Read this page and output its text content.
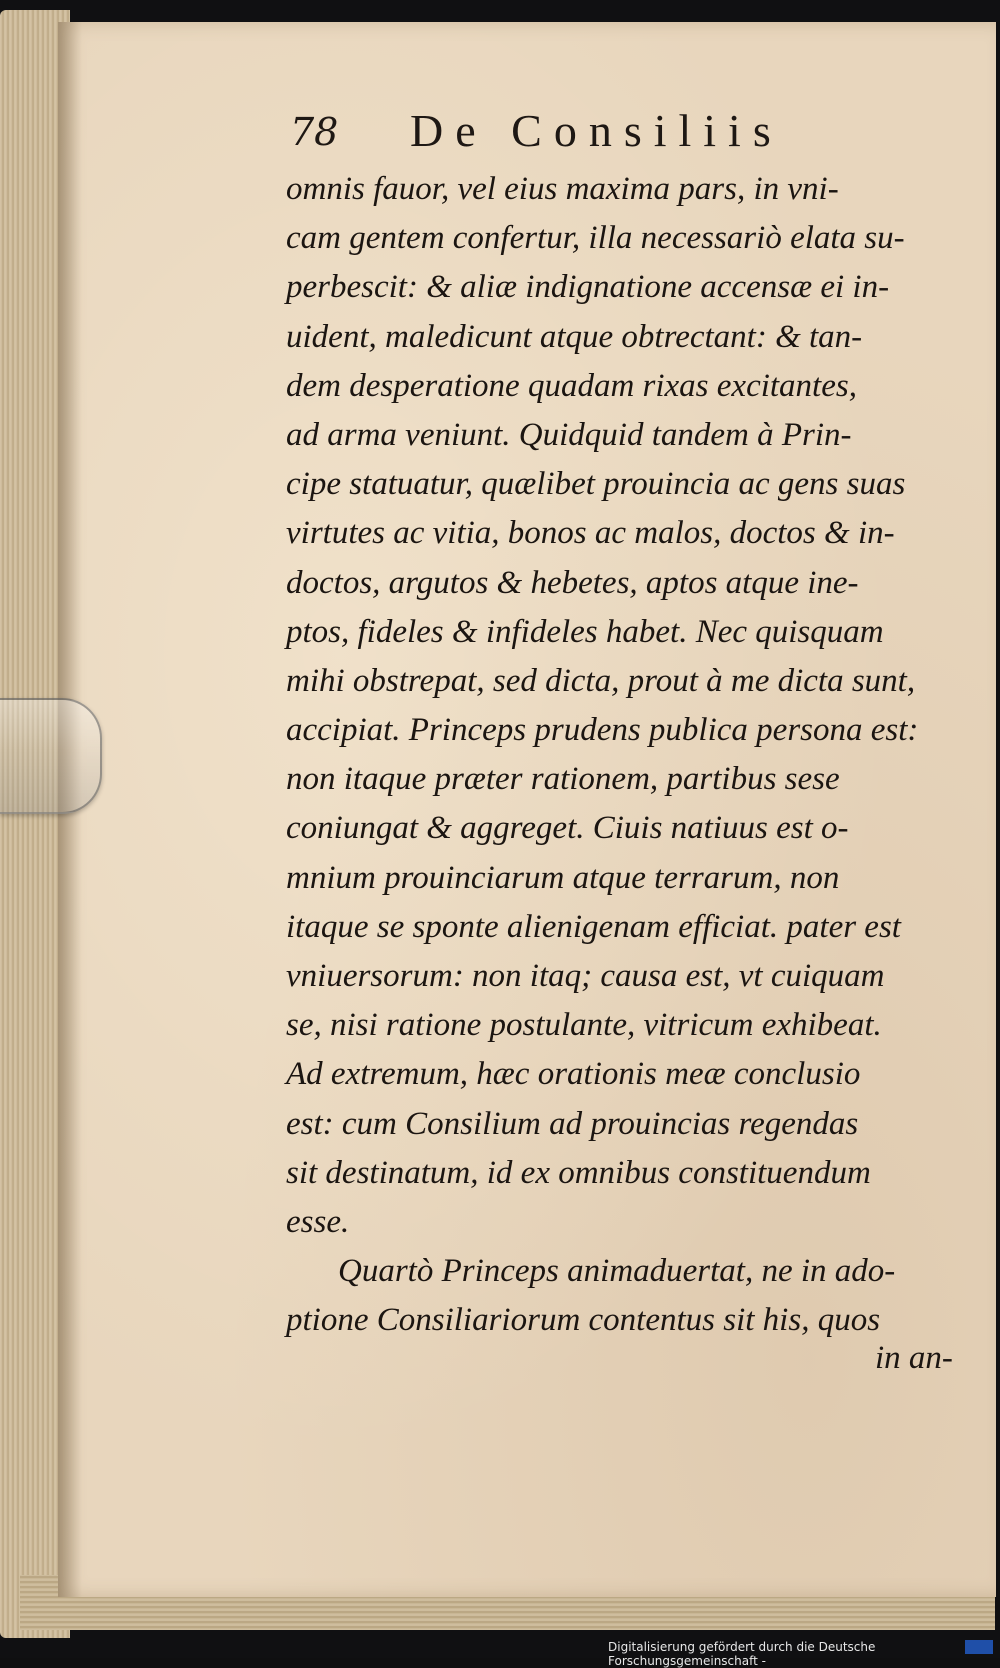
78 De Consiliis
omnis fauor, vel eius maxima pars, in vni-
cam gentem confertur, illa necessariò elata su-
perbescit: & aliæ indignatione accensæ ei in-
uident, maledicunt atque obtrectant: & tan-
dem desperatione quadam rixas excitantes,
ad arma veniunt. Quidquid tandem à Prin-
cipe statuatur, quælibet prouincia ac gens suas
virtutes ac vitia, bonos ac malos, doctos & in-
doctos, argutos & hebetes, aptos atque ine-
ptos, fideles & infideles habet. Nec quisquam
mihi obstrepat, sed dicta, prout à me dicta sunt,
accipiat. Princeps prudens publica persona est:
non itaque præter rationem, partibus sese
coniungat & aggreget. Ciuis natiuus est o-
mnium prouinciarum atque terrarum, non
itaque se sponte alienigenam efficiat. pater est
vniuersorum: non itaq; causa est, vt cuiquam
se, nisi ratione postulante, vitricum exhibeat.
Ad extremum, hæc orationis meæ conclusio
est: cum Consilium ad prouincias regendas
sit destinatum, id ex omnibus constituendum
esse.
Quartò Princeps animaduertat, ne in ado-
ptione Consiliariorum contentus sit his, quos
in an-
Digitalisierung gefördert durch die Deutsche Forschungsgemeinschaft -
